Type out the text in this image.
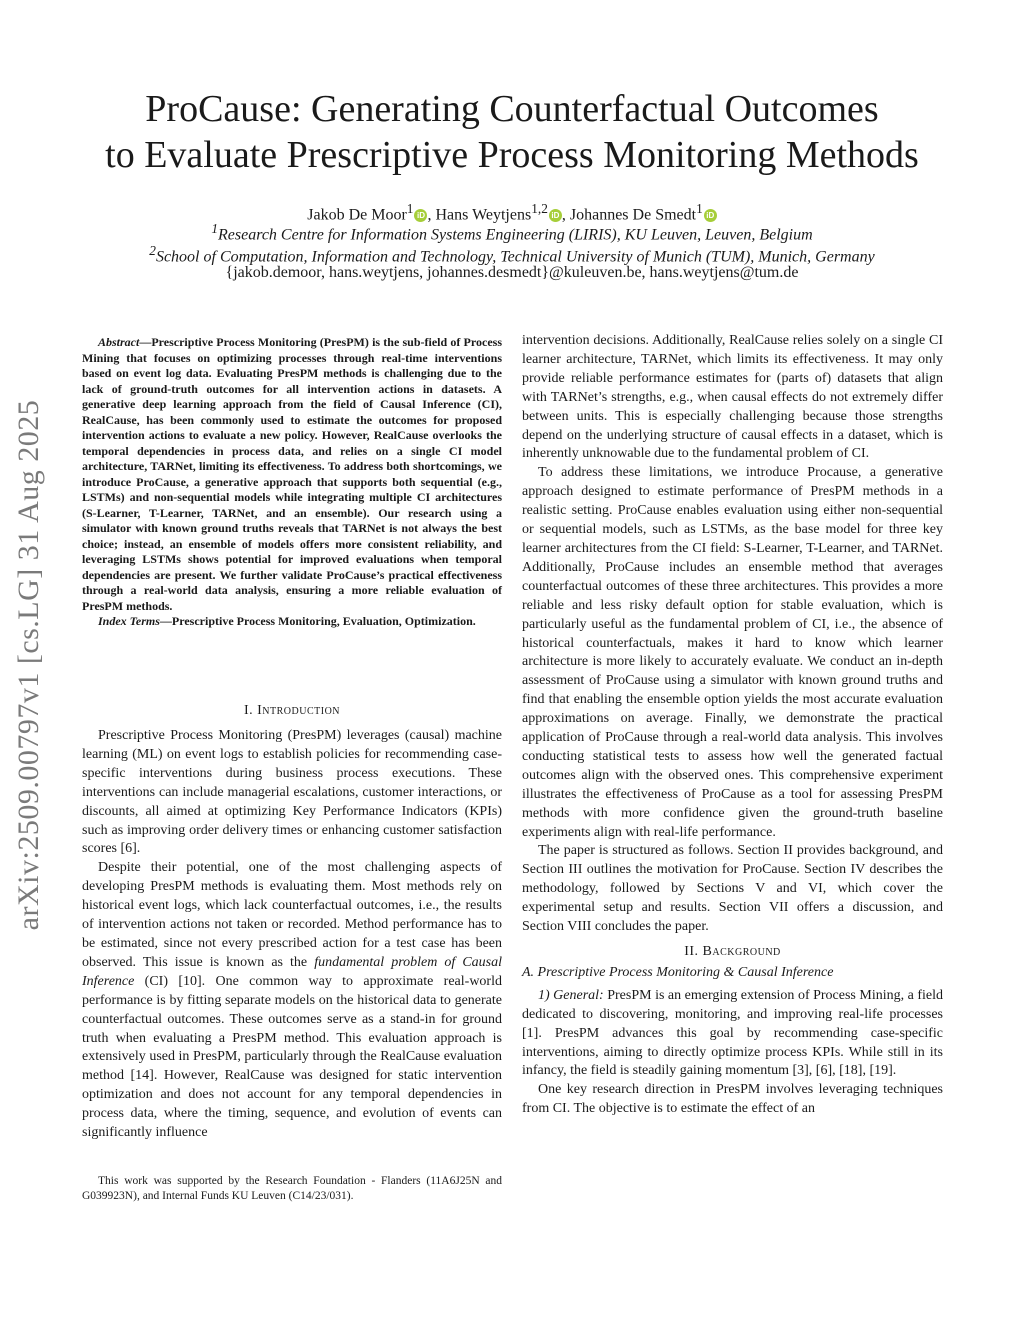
arXiv:2509.00797v1 [cs.LG] 31 Aug 2025
ProCause: Generating Counterfactual Outcomes
to Evaluate Prescriptive Process Monitoring Methods
Jakob De Moor$^1$ iD , Hans Weytjens$^{1,2}$ iD , Johannes De Smedt$^1$ iD
$^1$Research Centre for Information Systems Engineering (LIRIS), KU Leuven, Leuven, Belgium
$^2$School of Computation, Information and Technology, Technical University of Munich (TUM), Munich, Germany
{jakob.demoor, hans.weytjens, johannes.desmedt}@kuleuven.be, hans.weytjens@tum.de

Abstract—Prescriptive Process Monitoring (PresPM) is the sub-field of Process Mining that focuses on optimizing processes through real-time interventions based on event log data. Evaluating PresPM methods is challenging due to the lack of ground-truth outcomes for all intervention actions in datasets. A generative deep learning approach from the field of Causal Inference (CI), RealCause, has been commonly used to estimate the outcomes for proposed intervention actions to evaluate a new policy. However, RealCause overlooks the temporal dependencies in process data, and relies on a single CI model architecture, TARNet, limiting its effectiveness. To address both shortcomings, we introduce ProCause, a generative approach that supports both sequential (e.g., LSTMs) and non-sequential models while integrating multiple CI architectures (S-Learner, T-Learner, TARNet, and an ensemble). Our research using a simulator with known ground truths reveals that TARNet is not always the best choice; instead, an ensemble of models offers more consistent reliability, and leveraging LSTMs shows potential for improved evaluations when temporal dependencies are present. We further validate ProCause’s practical effectiveness through a real-world data analysis, ensuring a more reliable evaluation of PresPM methods.

Index Terms—Prescriptive Process Monitoring, Evaluation, Optimization.

I. Introduction

Prescriptive Process Monitoring (PresPM) leverages (causal) machine learning (ML) on event logs to establish policies for recommending case-specific interventions during business process executions. These interventions can include managerial escalations, customer interactions, or discounts, all aimed at optimizing Key Performance Indicators (KPIs) such as improving order delivery times or enhancing customer satisfaction scores [6].

Despite their potential, one of the most challenging aspects of developing PresPM methods is evaluating them. Most methods rely on historical event logs, which lack counterfactual outcomes, i.e., the results of intervention actions not taken or recorded. Method performance has to be estimated, since not every prescribed action for a test case has been observed. This issue is known as the fundamental problem of Causal Inference (CI) [10]. One common way to approximate real-world performance is by fitting separate models on the historical data to generate counterfactual outcomes. These outcomes serve as a stand-in for ground truth when evaluating a PresPM method. This evaluation approach is extensively used in PresPM, particularly through the RealCause evaluation method [14]. However, RealCause was designed for static intervention optimization and does not account for any temporal dependencies in process data, where the timing, sequence, and evolution of events can significantly influence

This work was supported by the Research Foundation - Flanders (11A6J25N and G039923N), and Internal Funds KU Leuven (C14/23/031).

intervention decisions. Additionally, RealCause relies solely on a single CI learner architecture, TARNet, which limits its effectiveness. It may only provide reliable performance estimates for (parts of) datasets that align with TARNet’s strengths, e.g., when causal effects do not extremely differ between units. This is especially challenging because those strengths depend on the underlying structure of causal effects in a dataset, which is inherently unknowable due to the fundamental problem of CI.

To address these limitations, we introduce Procause, a generative approach designed to estimate performance of PresPM methods in a realistic setting. ProCause enables evaluation using either non-sequential or sequential models, such as LSTMs, as the base model for three key learner architectures from the CI field: S-Learner, T-Learner, and TARNet. Additionally, ProCause includes an ensemble method that averages counterfactual outcomes of these three architectures. This provides a more reliable and less risky default option for stable evaluation, which is particularly useful as the fundamental problem of CI, i.e., the absence of historical counterfactuals, makes it hard to know which learner architecture is more likely to accurately evaluate. We conduct an in-depth assessment of ProCause using a simulator with known ground truths and find that enabling the ensemble option yields the most accurate evaluation approximations on average. Finally, we demonstrate the practical application of ProCause through a real-world data analysis. This involves conducting statistical tests to assess how well the generated factual outcomes align with the observed ones. This comprehensive experiment illustrates the effectiveness of ProCause as a tool for assessing PresPM methods with more confidence given the ground-truth baseline experiments align with real-life performance.

The paper is structured as follows. Section II provides background, and Section III outlines the motivation for ProCause. Section IV describes the methodology, followed by Sections V and VI, which cover the experimental setup and results. Section VII offers a discussion, and Section VIII concludes the paper.

II. Background
A. Prescriptive Process Monitoring & Causal Inference

1) General: PresPM is an emerging extension of Process Mining, a field dedicated to discovering, monitoring, and improving real-life processes [1]. PresPM advances this goal by recommending case-specific interventions, aiming to directly optimize process KPIs. While still in its infancy, the field is steadily gaining momentum [3], [6], [18], [19].

One key research direction in PresPM involves leveraging techniques from CI. The objective is to estimate the effect of an
